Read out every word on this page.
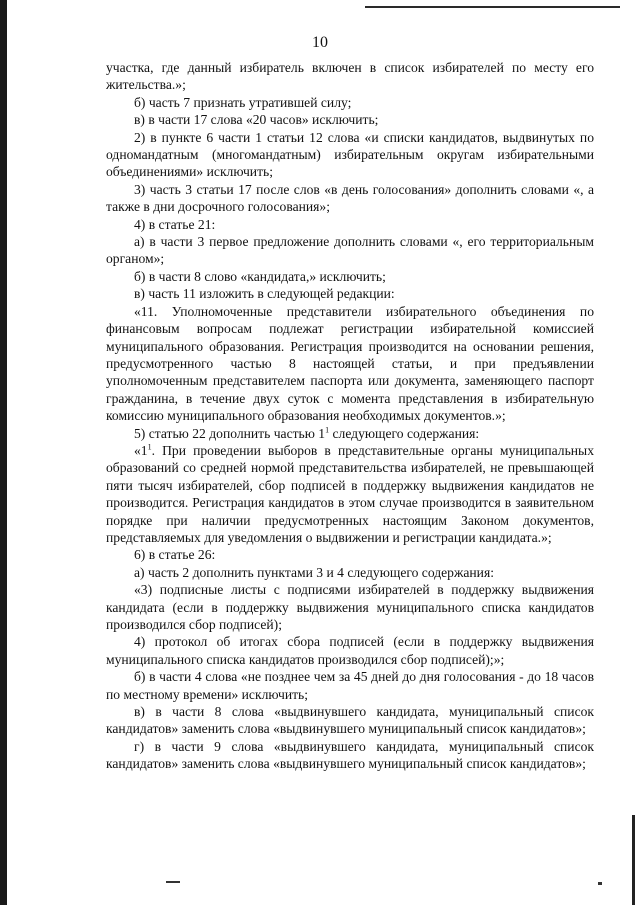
10

участка, где данный избиратель включен в список избирателей по месту его жительства.»;

б) часть 7 признать утратившей силу;

в) в части 17 слова «20 часов» исключить;

2) в пункте 6 части 1 статьи 12 слова «и списки кандидатов, выдвинутых по одномандатным (многомандатным) избирательным округам избирательными объединениями» исключить;

3) часть 3 статьи 17 после слов «в день голосования» дополнить словами «, а также в дни досрочного голосования»;

4) в статье 21:

а) в части 3 первое предложение дополнить словами «, его территориальным органом»;

б) в части 8 слово «кандидата,» исключить;

в) часть 11 изложить в следующей редакции:

«11. Уполномоченные представители избирательного объединения по финансовым вопросам подлежат регистрации избирательной комиссией муниципального образования. Регистрация производится на основании решения, предусмотренного частью 8 настоящей статьи, и при предъявлении уполномоченным представителем паспорта или документа, заменяющего паспорт гражданина, в течение двух суток с момента представления в избирательную комиссию муниципального образования необходимых документов.»;

5) статью 22 дополнить частью $1^1$ следующего содержания:

«$1^1$. При проведении выборов в представительные органы муниципальных образований со средней нормой представительства избирателей, не превышающей пяти тысяч избирателей, сбор подписей в поддержку выдвижения кандидатов не производится. Регистрация кандидатов в этом случае производится в заявительном порядке при наличии предусмотренных настоящим Законом документов, представляемых для уведомления о выдвижении и регистрации кандидата.»;

6) в статье 26:

а) часть 2 дополнить пунктами 3 и 4 следующего содержания:

«3) подписные листы с подписями избирателей в поддержку выдвижения кандидата (если в поддержку выдвижения муниципального списка кандидатов производился сбор подписей);

4) протокол об итогах сбора подписей (если в поддержку выдвижения муниципального списка кандидатов производился сбор подписей);»;

б) в части 4 слова «не позднее чем за 45 дней до дня голосования - до 18 часов по местному времени» исключить;

в) в части 8 слова «выдвинувшего кандидата, муниципальный список кандидатов» заменить слова «выдвинувшего муниципальный список кандидатов»;

г) в части 9 слова «выдвинувшего кандидата, муниципальный список кандидатов» заменить слова «выдвинувшего муниципальный список кандидатов»;
